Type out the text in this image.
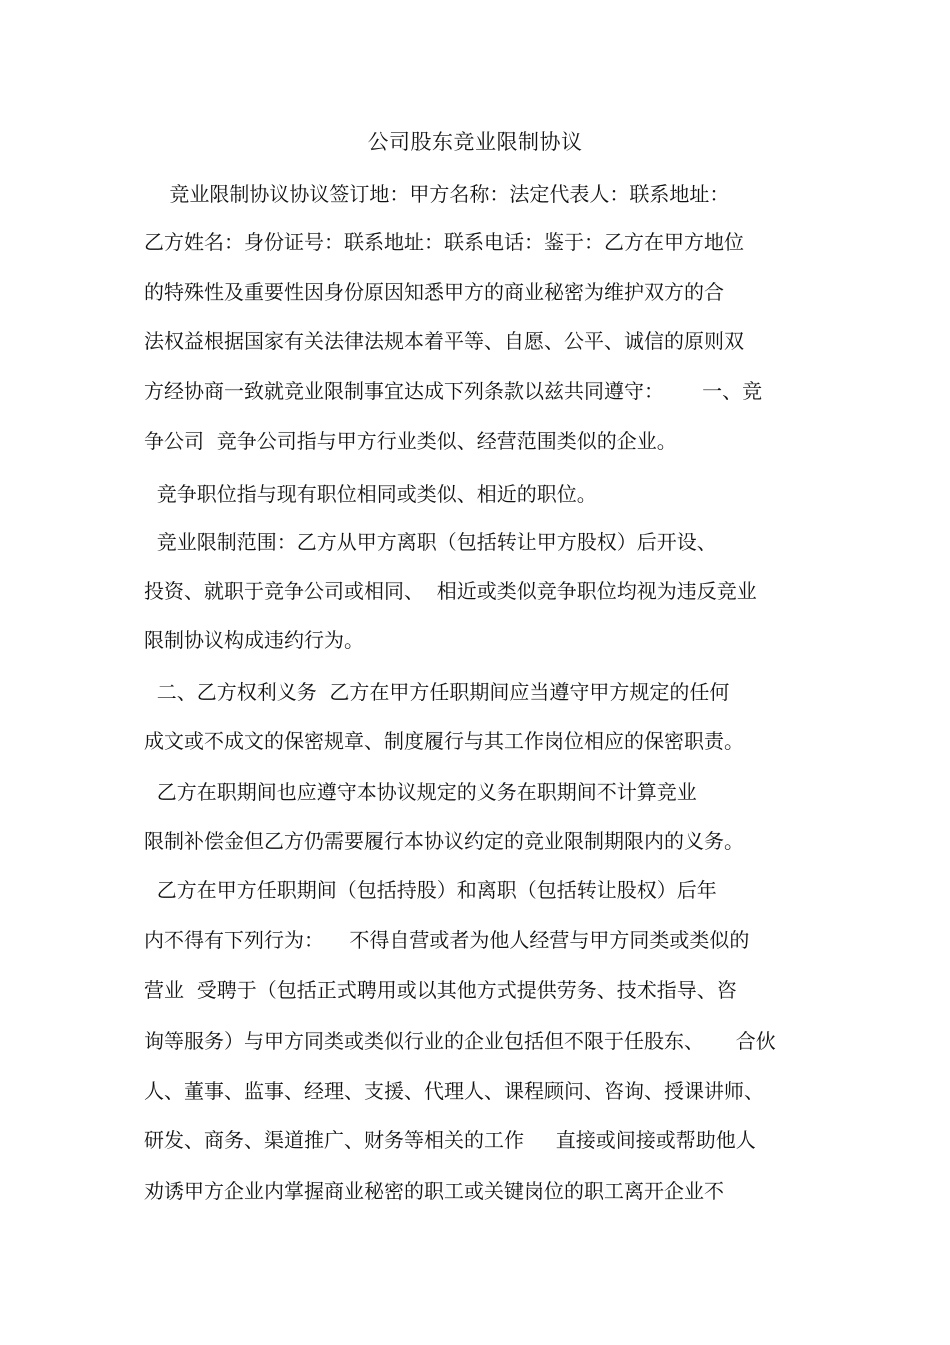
公司股东竞业限制协议
竞业限制协议协议签订地：甲方名称：法定代表人：联系地址：
乙方姓名：身份证号：联系地址：联系电话：鉴于：乙方在甲方地位
的特殊性及重要性因身份原因知悉甲方的商业秘密为维护双方的合
法权益根据国家有关法律法规本着平等、自愿、公平、诚信的原则双
方经协商一致就竞业限制事宜达成下列条款以兹共同遵守：      一、竞
争公司  竞争公司指与甲方行业类似、经营范围类似的企业。
竞争职位指与现有职位相同或类似、相近的职位。
竞业限制范围：乙方从甲方离职（包括转让甲方股权）后开设、
投资、就职于竞争公司或相同、  相近或类似竞争职位均视为违反竞业
限制协议构成违约行为。
二、乙方权利义务  乙方在甲方任职期间应当遵守甲方规定的任何
成文或不成文的保密规章、制度履行与其工作岗位相应的保密职责。
乙方在职期间也应遵守本协议规定的义务在职期间不计算竞业
限制补偿金但乙方仍需要履行本协议约定的竞业限制期限内的义务。
乙方在甲方任职期间（包括持股）和离职（包括转让股权）后年
内不得有下列行为：    不得自营或者为他人经营与甲方同类或类似的
营业  受聘于（包括正式聘用或以其他方式提供劳务、技术指导、咨
询等服务）与甲方同类或类似行业的企业包括但不限于任股东、     合伙
人、董事、监事、经理、支援、代理人、课程顾问、咨询、授课讲师、
研发、商务、渠道推广、财务等相关的工作     直接或间接或帮助他人
劝诱甲方企业内掌握商业秘密的职工或关键岗位的职工离开企业不
